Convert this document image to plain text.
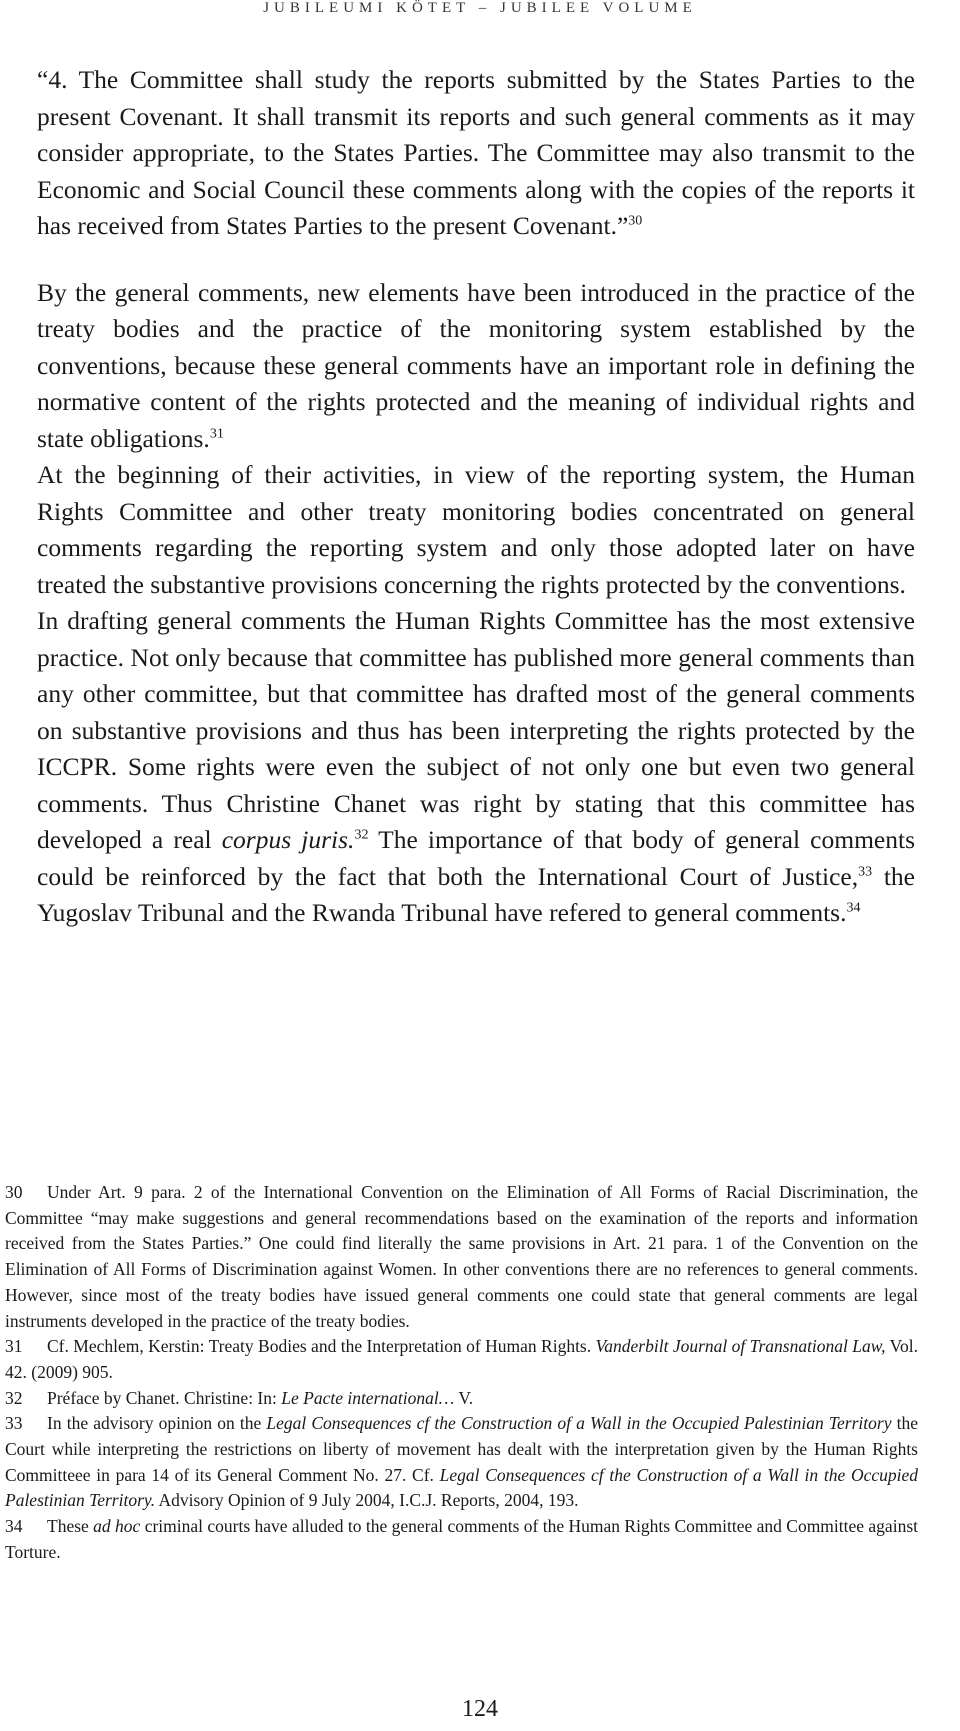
JUBILEUMI KÖTET – JUBILEE VOLUME

“4. The Committee shall study the reports submitted by the States Parties to the present Covenant. It shall transmit its reports and such general comments as it may consider appropriate, to the States Parties. The Committee may also transmit to the Economic and Social Council these comments along with the copies of the reports it has received from States Parties to the present Covenant.”$^{30}$

By the general comments, new elements have been introduced in the practice of the treaty bodies and the practice of the monitoring system established by the conventions, because these general comments have an important role in defining the normative content of the rights protected and the meaning of individual rights and state obligations.$^{31}$

At the beginning of their activities, in view of the reporting system, the Human Rights Committee and other treaty monitoring bodies concentrated on general comments regarding the reporting system and only those adopted later on have treated the substantive provisions concerning the rights protected by the conventions.

In drafting general comments the Human Rights Committee has the most extensive practice. Not only because that committee has published more general comments than any other committee, but that committee has drafted most of the general comments on substantive provisions and thus has been interpreting the rights protected by the ICCPR. Some rights were even the subject of not only one but even two general comments. Thus Christine Chanet was right by stating that this committee has developed a real corpus juris.$^{32}$ The importance of that body of general comments could be reinforced by the fact that both the International Court of Justice,$^{33}$ the Yugoslav Tribunal and the Rwanda Tribunal have refered to general comments.$^{34}$

30 Under Art. 9 para. 2 of the International Convention on the Elimination of All Forms of Racial Discrimination, the Committee “may make suggestions and general recommendations based on the examination of the reports and information received from the States Parties.” One could find literally the same provisions in Art. 21 para. 1 of the Convention on the Elimination of All Forms of Discrimination against Women. In other conventions there are no references to general comments. However, since most of the treaty bodies have issued general comments one could state that general comments are legal instruments developed in the practice of the treaty bodies.

31 Cf. Mechlem, Kerstin: Treaty Bodies and the Interpretation of Human Rights. Vanderbilt Journal of Transnational Law, Vol. 42. (2009) 905.

32 Préface by Chanet. Christine: In: Le Pacte international… V.

33 In the advisory opinion on the Legal Consequences cf the Construction of a Wall in the Occupied Palestinian Territory the Court while interpreting the restrictions on liberty of movement has dealt with the interpretation given by the Human Rights Committeee in para 14 of its General Comment No. 27. Cf. Legal Consequences cf the Construction of a Wall in the Occupied Palestinian Territory. Advisory Opinion of 9 July 2004, I.C.J. Reports, 2004, 193.

34 These ad hoc criminal courts have alluded to the general comments of the Human Rights Committee and Committee against Torture.

124
